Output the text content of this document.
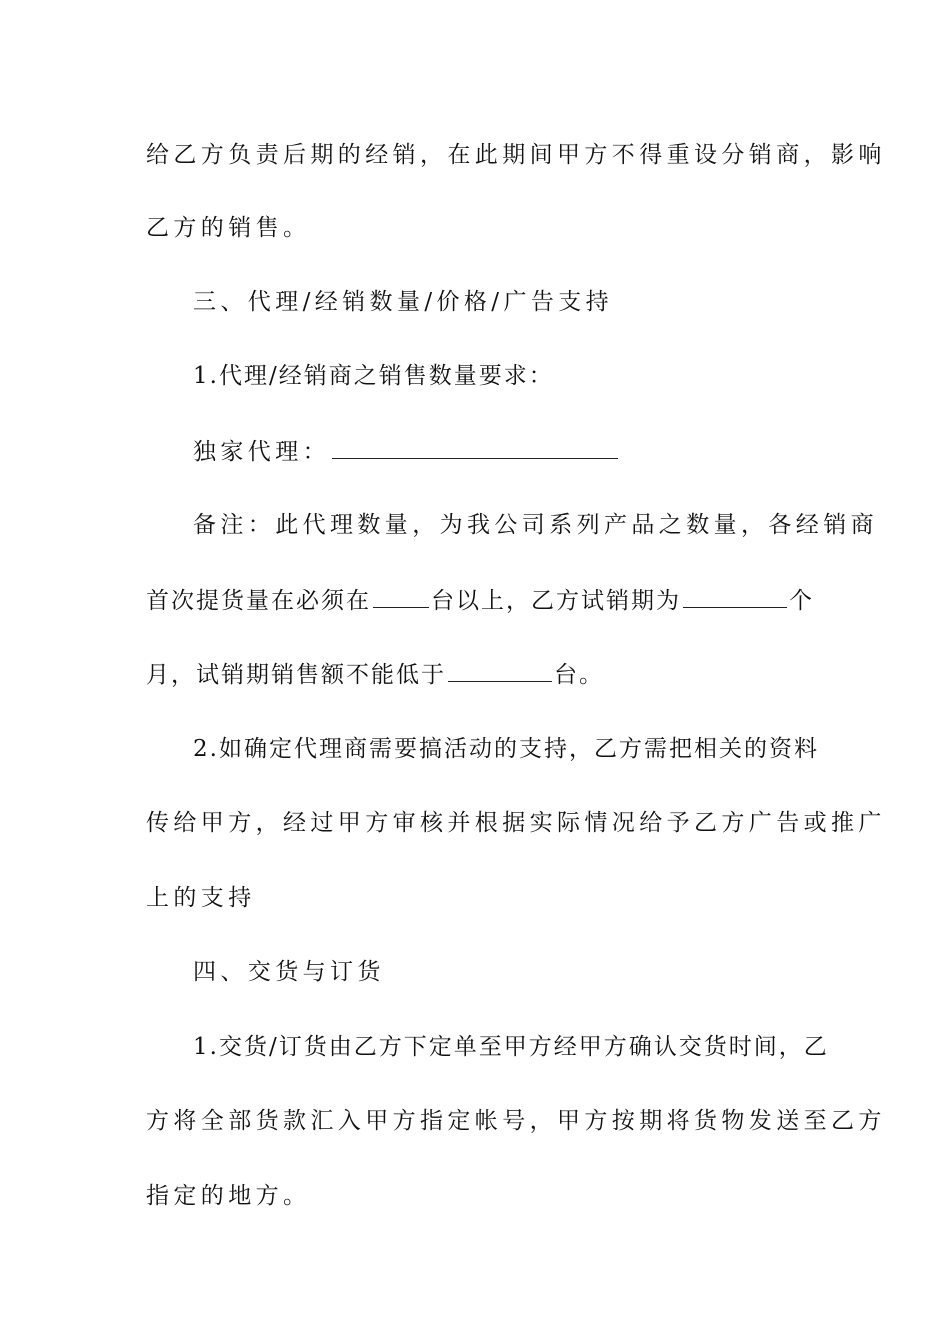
给乙方负责后期的经销，在此期间甲方不得重设分销商，影响
乙方的销售。
三、代理/经销数量/价格/广告支持
1.代理/经销商之销售数量要求：
独家代理：
备注：此代理数量，为我公司系列产品之数量，各经销商
首次提货量在必须在	台以上，乙方试销期为	个
月，试销期销售额不能低于	台。
2.如确定代理商需要搞活动的支持，乙方需把相关的资料
传给甲方，经过甲方审核并根据实际情况给予乙方广告或推广
上的支持
四、交货与订货
1.交货/订货由乙方下定单至甲方经甲方确认交货时间，乙
方将全部货款汇入甲方指定帐号，甲方按期将货物发送至乙方
指定的地方。
